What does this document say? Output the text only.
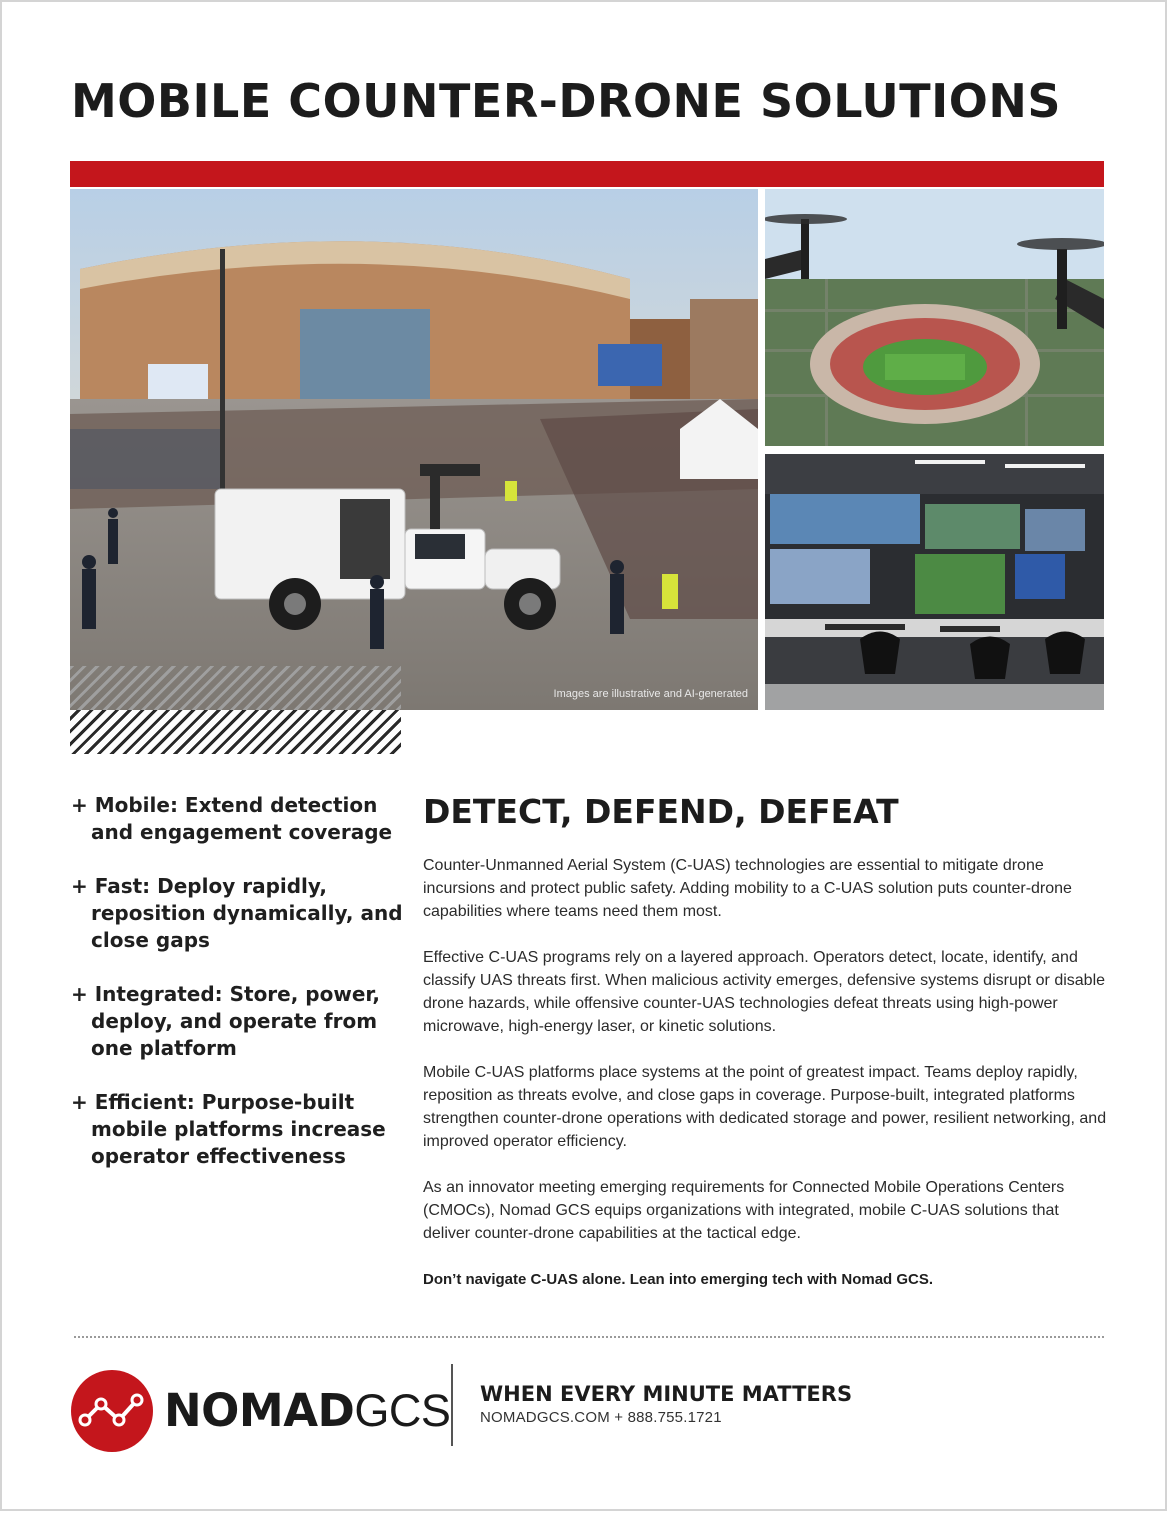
MOBILE COUNTER-DRONE SOLUTIONS
Images are illustrative and AI-generated
+ Mobile: Extend detection and engagement coverage
+ Fast: Deploy rapidly, reposition dynamically, and close gaps
+ Integrated: Store, power, deploy, and operate from one platform
+ Efficient: Purpose-built mobile platforms increase operator effectiveness
DETECT, DEFEND, DEFEAT

Counter-Unmanned Aerial System (C-UAS) technologies are essential to mitigate drone incursions and protect public safety. Adding mobility to a C-UAS solution puts counter-drone capabilities where teams need them most.

Effective C-UAS programs rely on a layered approach. Operators detect, locate, identify, and classify UAS threats first. When malicious activity emerges, defensive systems disrupt or disable drone hazards, while offensive counter-UAS technologies defeat threats using high-power microwave, high-energy laser, or kinetic solutions.

Mobile C-UAS platforms place systems at the point of greatest impact. Teams deploy rapidly, reposition as threats evolve, and close gaps in coverage. Purpose-built, integrated platforms strengthen counter-drone operations with dedicated storage and power, resilient networking, and improved operator efficiency.

As an innovator meeting emerging requirements for Connected Mobile Operations Centers (CMOCs), Nomad GCS equips organizations with integrated, mobile C-UAS solutions that deliver counter-drone capabilities at the tactical edge.

Don’t navigate C-UAS alone. Lean into emerging tech with Nomad GCS.

NOMADGCS WHEN EVERY MINUTE MATTERS
NOMADGCS.COM + 888.755.1721
